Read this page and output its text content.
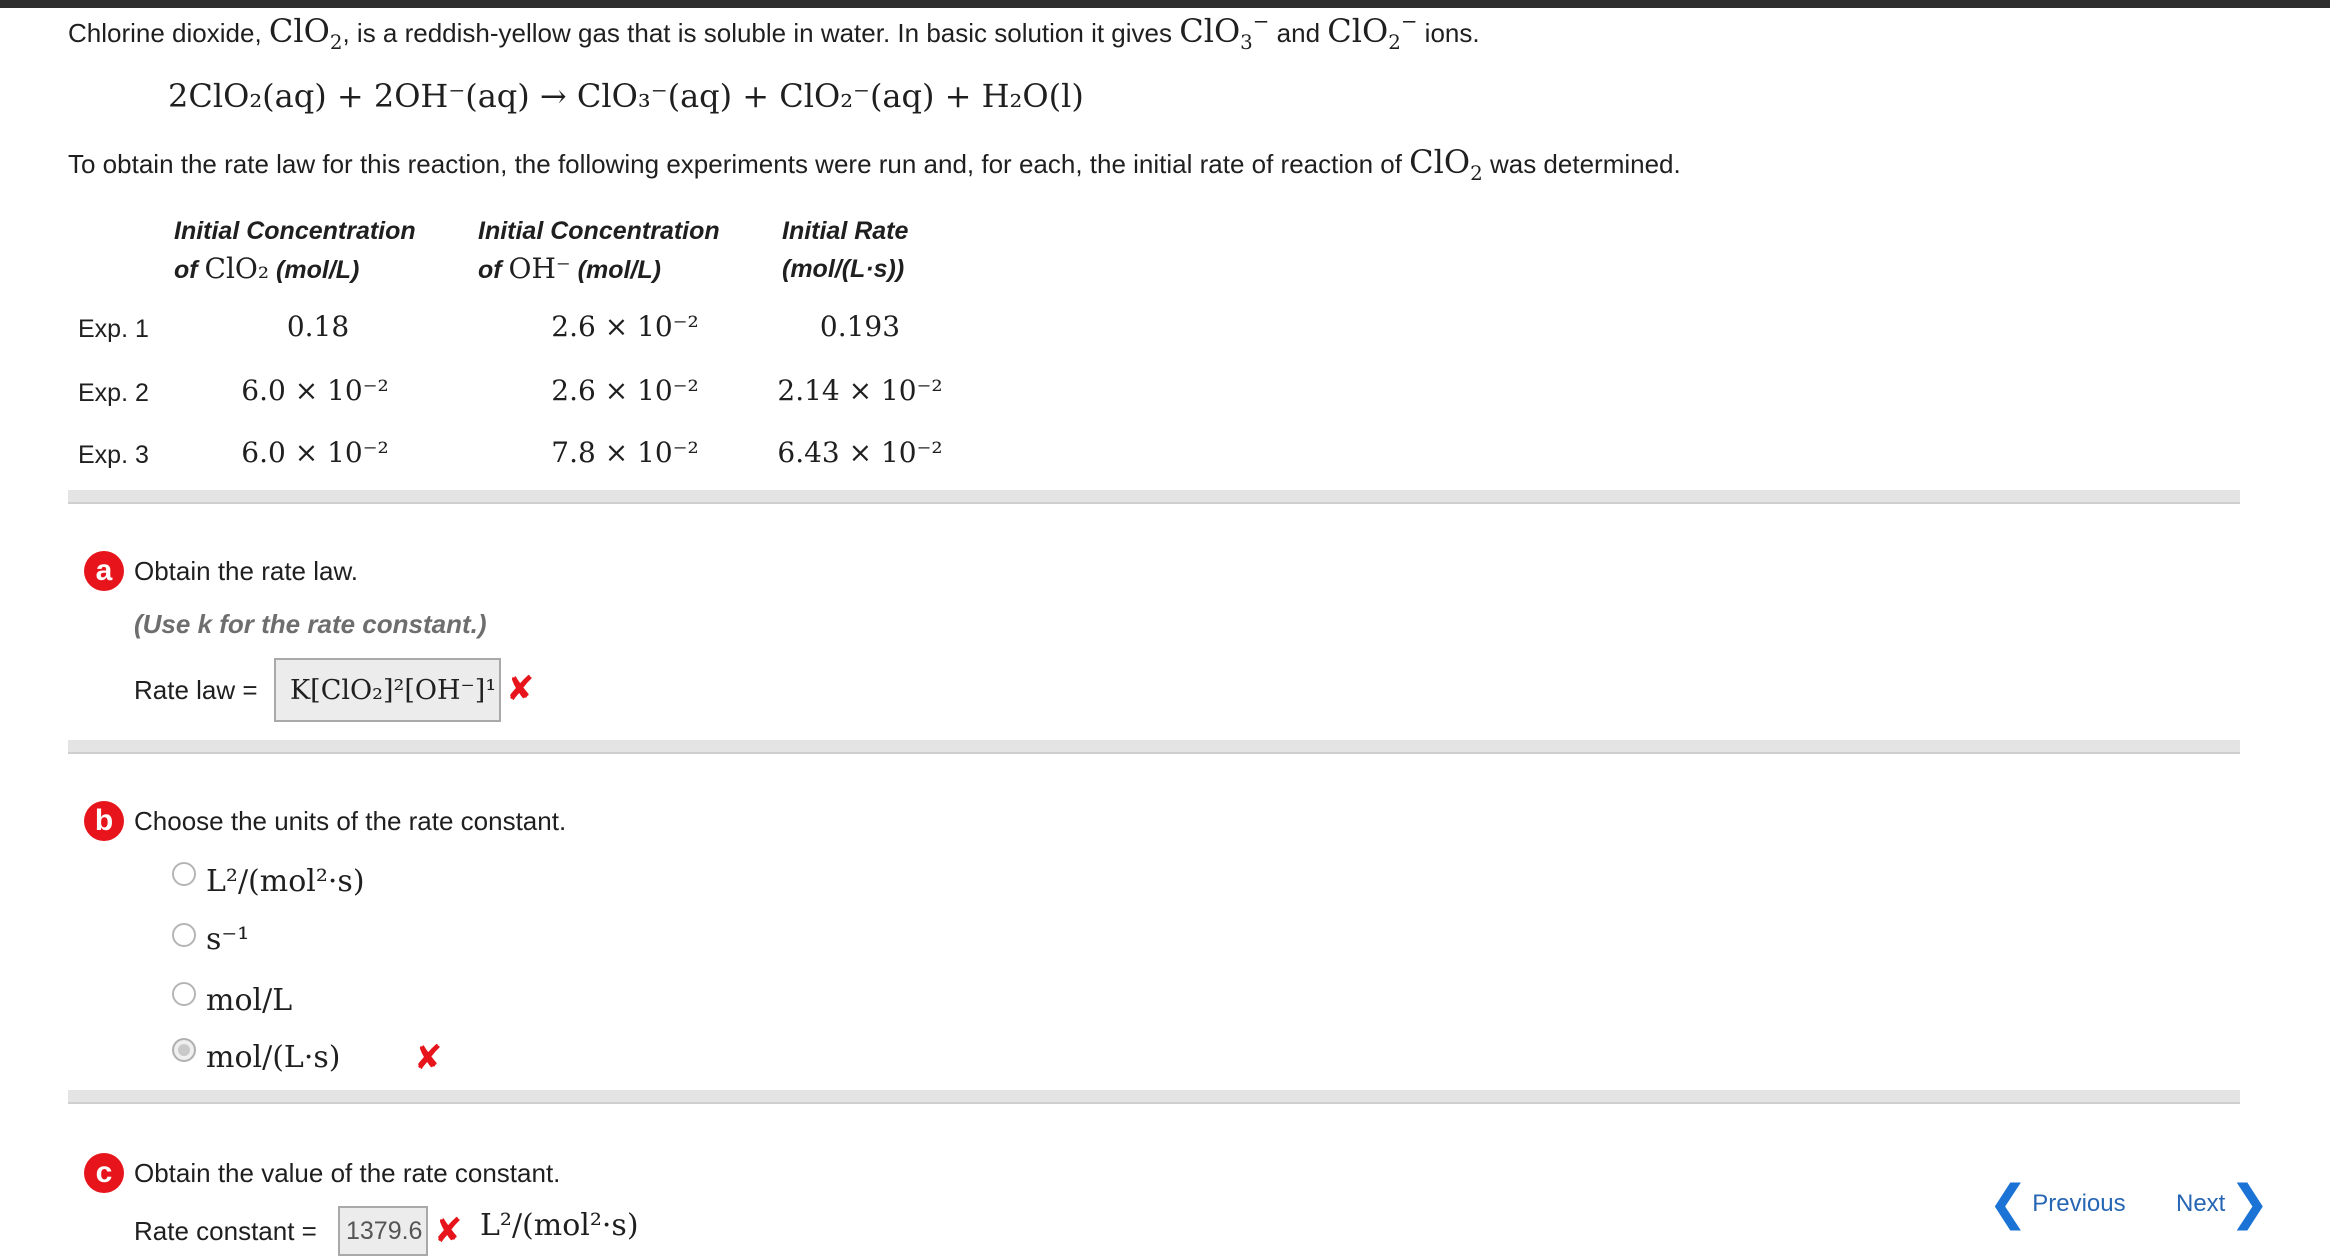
Chlorine dioxide, ClO$_2$, is a reddish-yellow gas that is soluble in water. In basic solution it gives ClO$_3$− and ClO$_2$− ions.
2ClO₂(aq) + 2OH⁻(aq) → ClO₃⁻(aq) + ClO₂⁻(aq) + H₂O(l)
To obtain the rate law for this reaction, the following experiments were run and, for each, the initial rate of reaction of ClO$_2$ was determined.
Initial Concentration
of ClO₂ (mol/L)
Initial Concentration
of OH⁻ (mol/L)
Initial Rate
(mol/(L·s))
Exp. 1	0.18	2.6 × 10⁻²	0.193
Exp. 2	6.0 × 10⁻²	2.6 × 10⁻²	2.14 × 10⁻²
Exp. 3	6.0 × 10⁻²	7.8 × 10⁻²	6.43 × 10⁻²
a Obtain the rate law.
(Use k for the rate constant.)
Rate law = K[ClO₂]²[OH⁻]¹ ✘
b Choose the units of the rate constant.
L²/(mol²·s)
s⁻¹
mol/L
mol/(L·s) ✘
c Obtain the value of the rate constant.
Rate constant = 1379.6 ✘ L²/(mol²·s)	❮ Previous Next ❯
